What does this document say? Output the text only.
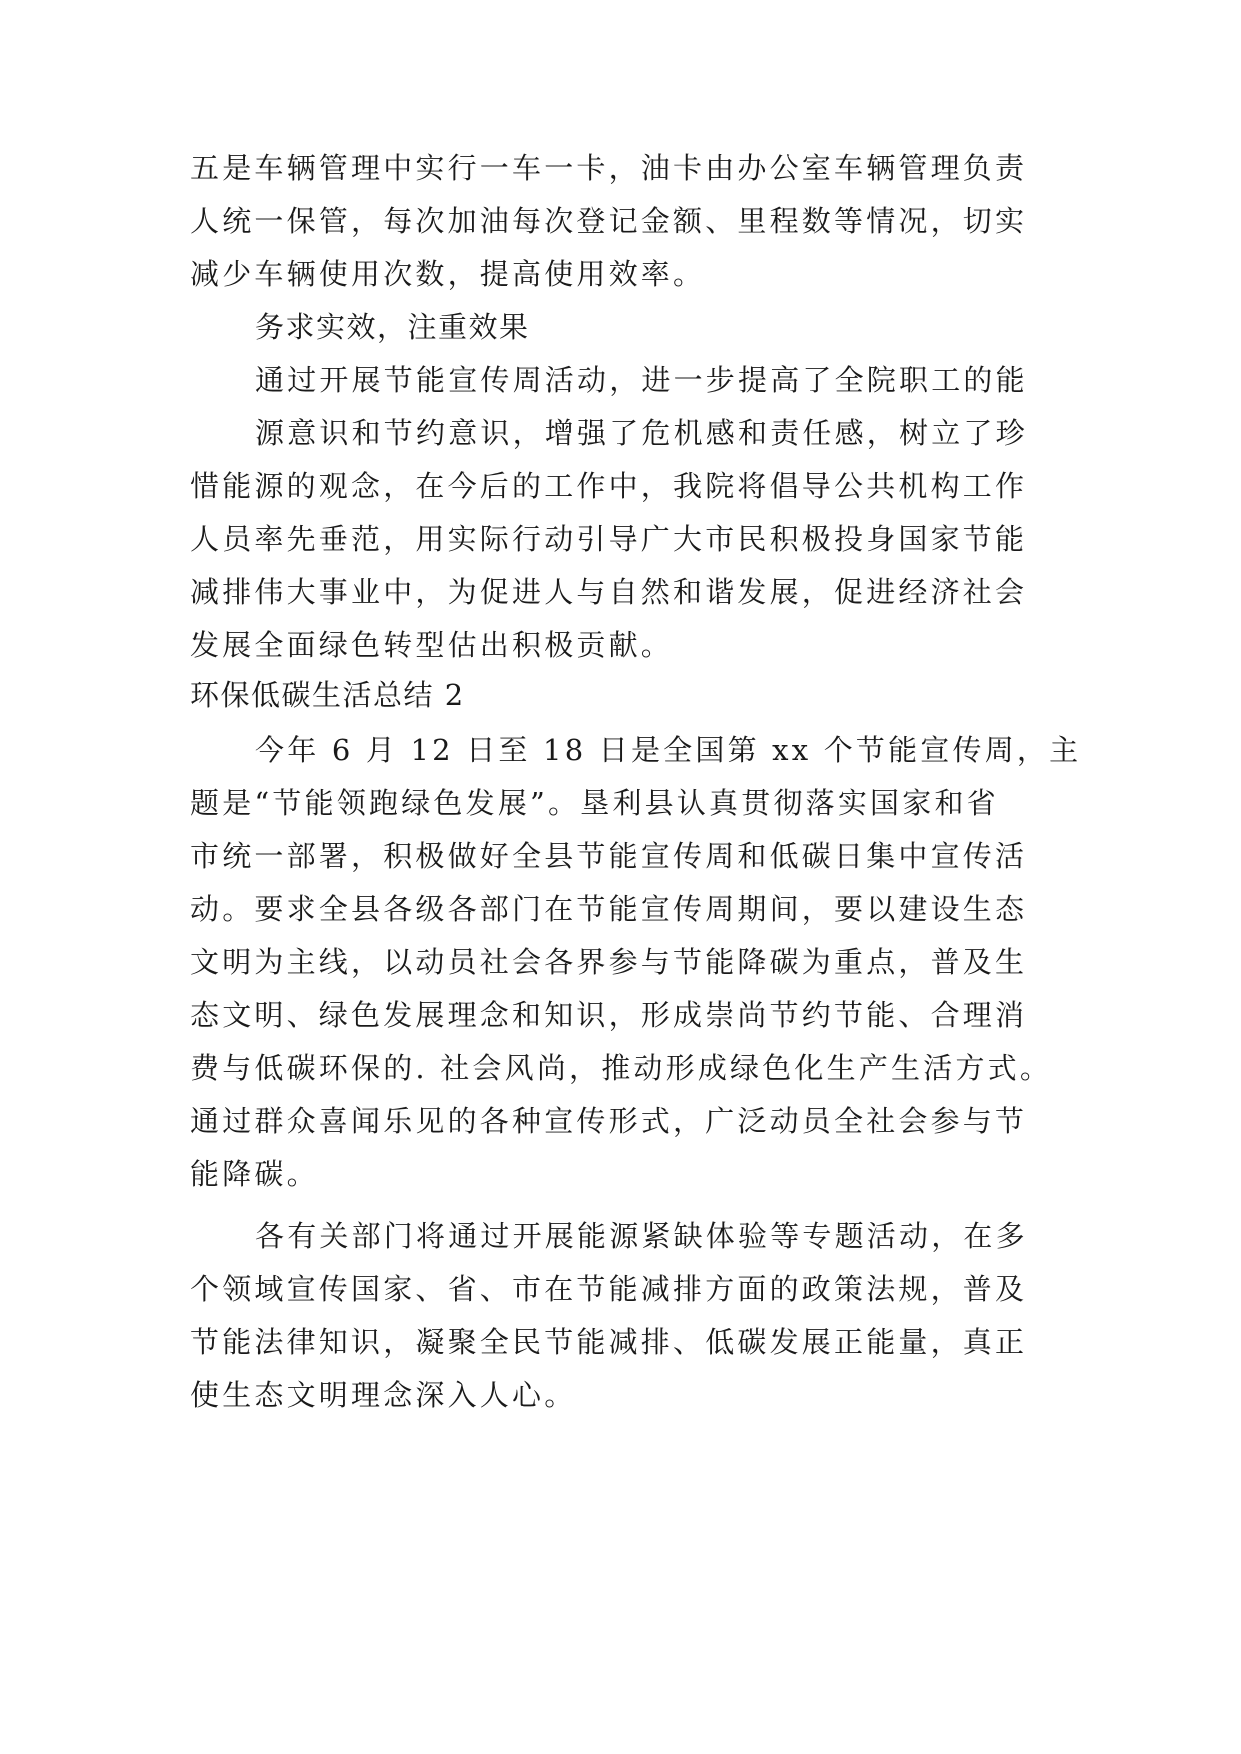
五是车辆管理中实行一车一卡，油卡由办公室车辆管理负责
人统一保管，每次加油每次登记金额、里程数等情况，切实
减少车辆使用次数，提高使用效率。
务求实效，注重效果
通过开展节能宣传周活动，进一步提高了全院职工的能
源意识和节约意识，增强了危机感和责任感，树立了珍
惜能源的观念，在今后的工作中，我院将倡导公共机构工作
人员率先垂范，用实际行动引导广大市民积极投身国家节能
减排伟大事业中，为促进人与自然和谐发展，促进经济社会
发展全面绿色转型估出积极贡献。
环保低碳生活总结 2
今年 6 月 12 日至 18 日是全国第 xx 个节能宣传周，主
题是“节能领跑绿色发展”。垦利县认真贯彻落实国家和省
市统一部署，积极做好全县节能宣传周和低碳日集中宣传活
动。要求全县各级各部门在节能宣传周期间，要以建设生态
文明为主线，以动员社会各界参与节能降碳为重点，普及生
态文明、绿色发展理念和知识，形成崇尚节约节能、合理消
费与低碳环保的. 社会风尚，推动形成绿色化生产生活方式。
通过群众喜闻乐见的各种宣传形式，广泛动员全社会参与节
能降碳。
各有关部门将通过开展能源紧缺体验等专题活动，在多
个领域宣传国家、省、市在节能减排方面的政策法规，普及
节能法律知识，凝聚全民节能减排、低碳发展正能量，真正
使生态文明理念深入人心。
